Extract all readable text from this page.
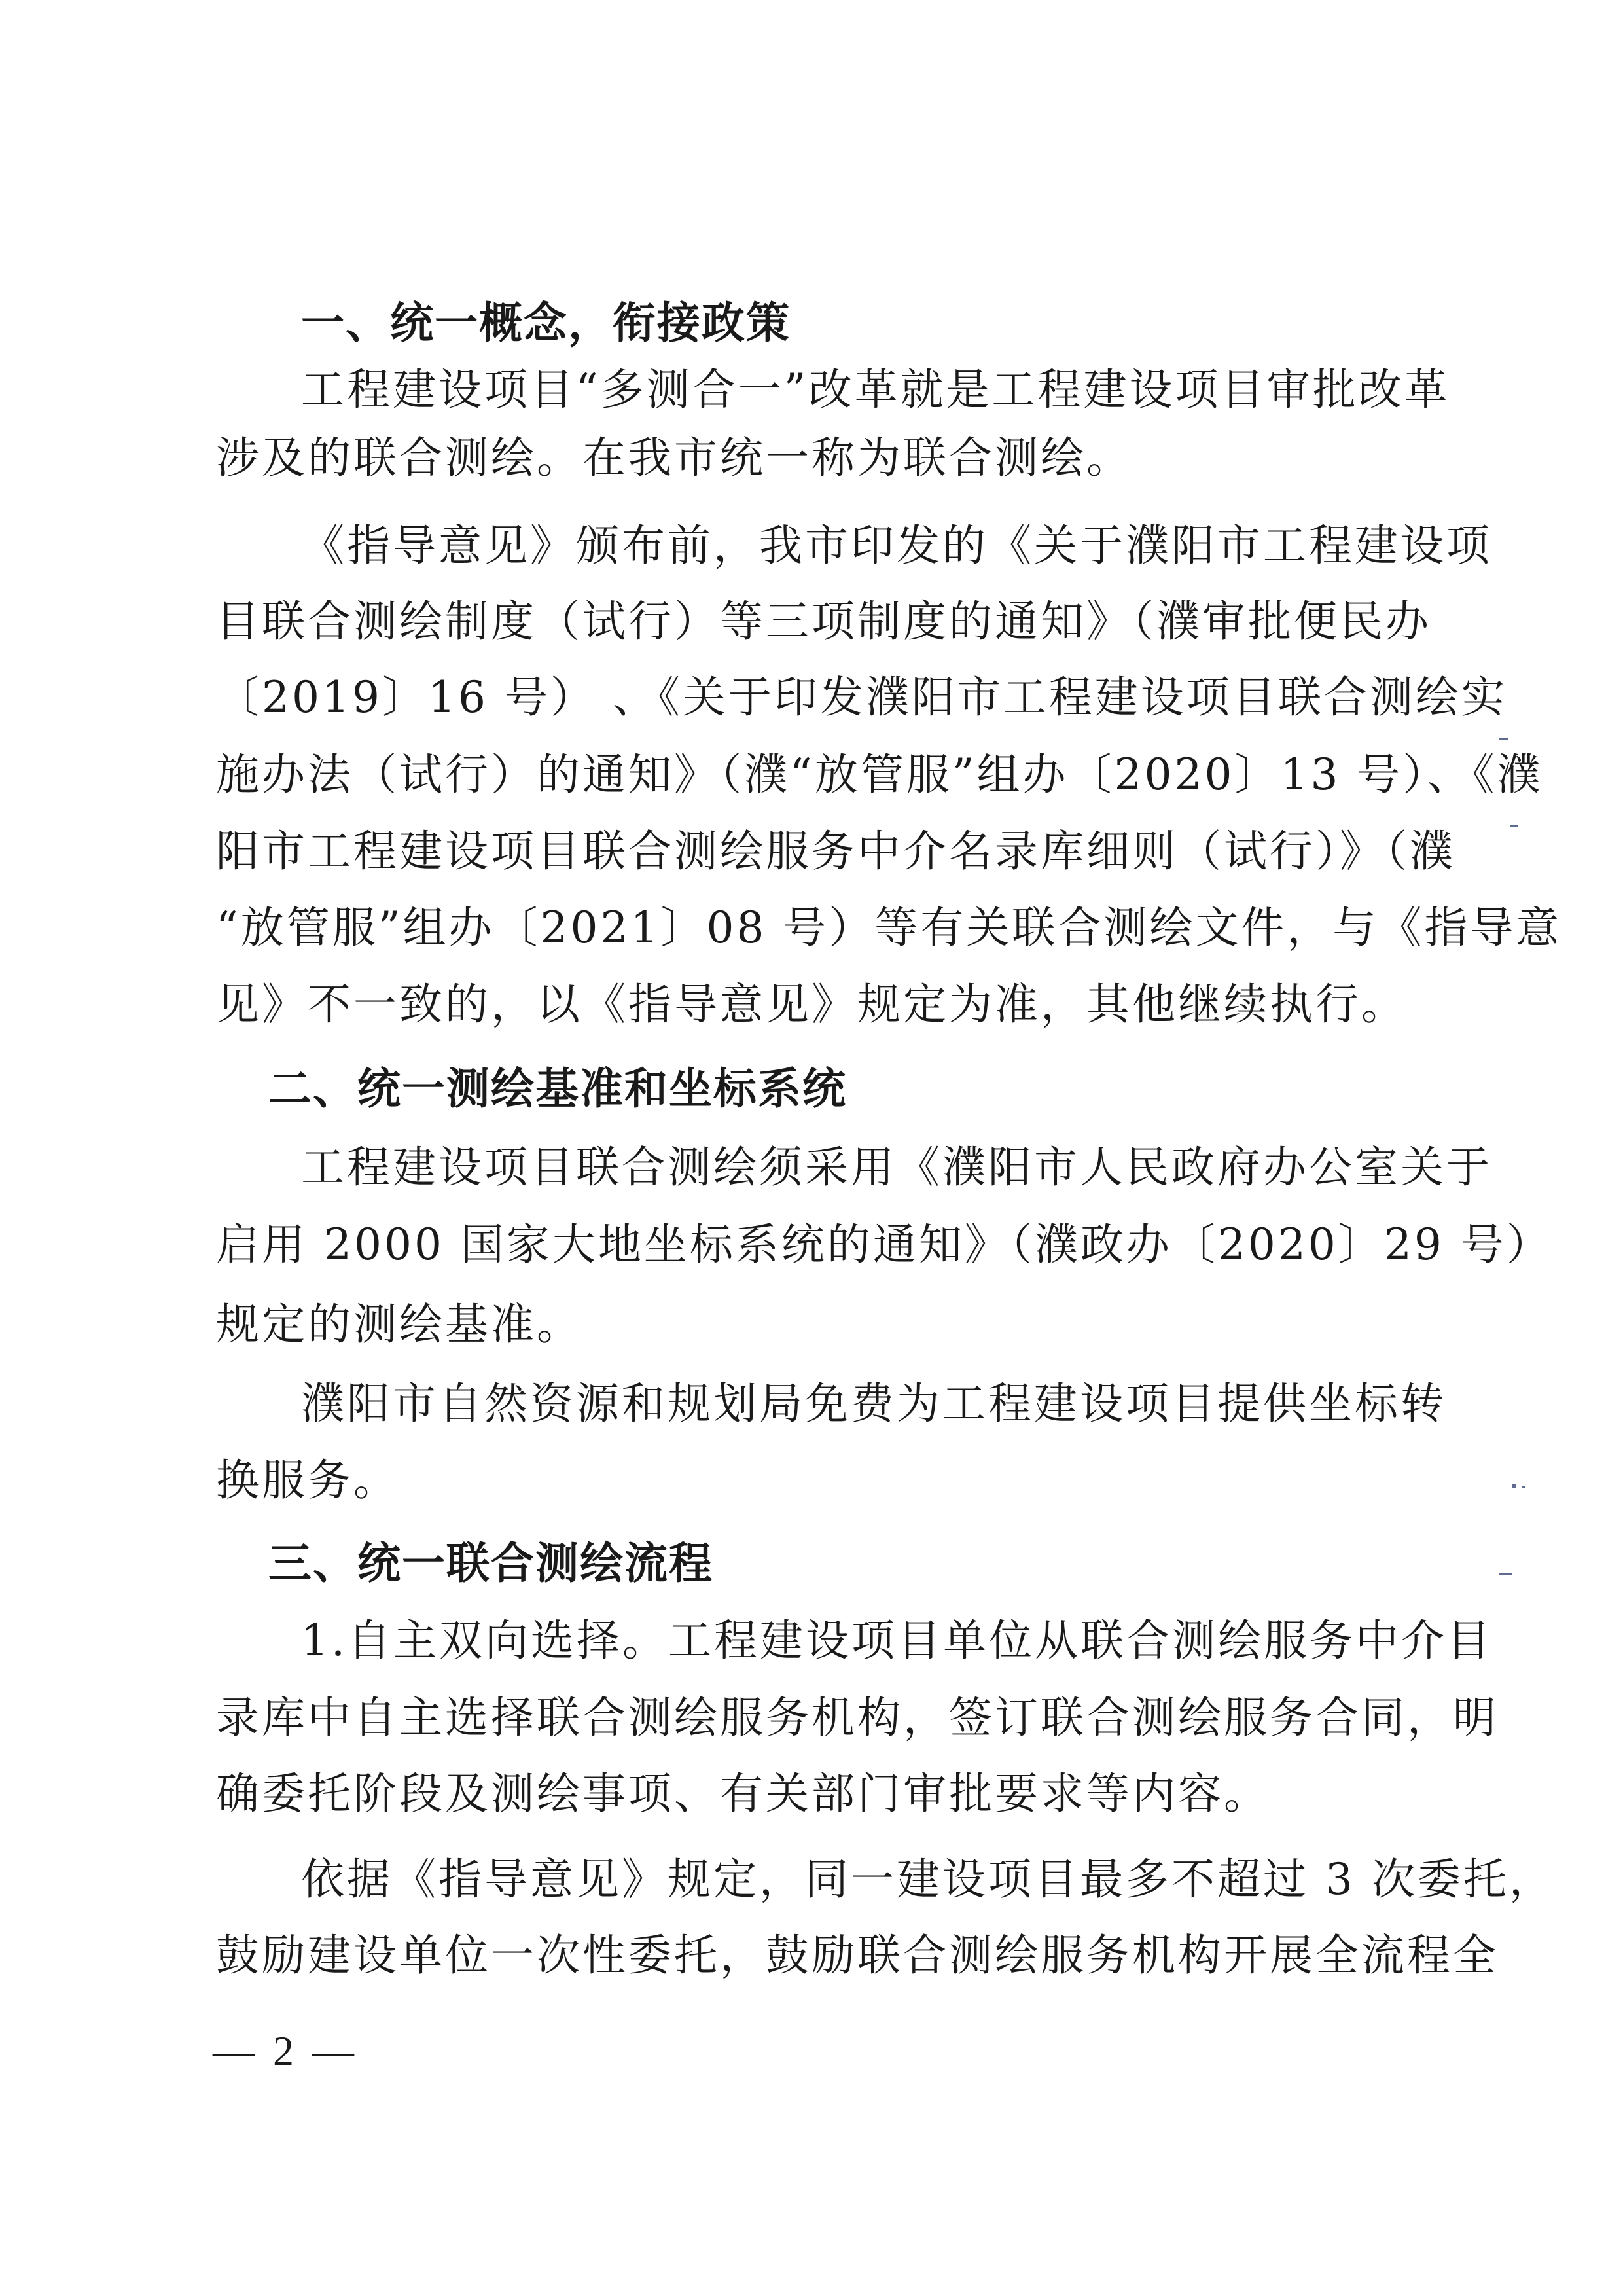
一、统一概念，衔接政策
工程建设项目“多测合一”改革就是工程建设项目审批改革
涉及的联合测绘。在我市统一称为联合测绘。
《指导意见》颁布前，我市印发的《关于濮阳市工程建设项
目联合测绘制度（试行）等三项制度的通知》（濮审批便民办
〔2019〕16 号） 、《关于印发濮阳市工程建设项目联合测绘实
施办法（试行）的通知》（濮“放管服”组办〔2020〕13 号）、《濮
阳市工程建设项目联合测绘服务中介名录库细则（试行）》（濮
“放管服”组办〔2021〕08 号）等有关联合测绘文件，与《指导意
见》不一致的，以《指导意见》规定为准，其他继续执行。
二、统一测绘基准和坐标系统
工程建设项目联合测绘须采用《濮阳市人民政府办公室关于
启用 2000 国家大地坐标系统的通知》（濮政办〔2020〕29 号）
规定的测绘基准。
濮阳市自然资源和规划局免费为工程建设项目提供坐标转
换服务。
三、统一联合测绘流程
1.自主双向选择。工程建设项目单位从联合测绘服务中介目
录库中自主选择联合测绘服务机构，签订联合测绘服务合同，明
确委托阶段及测绘事项、有关部门审批要求等内容。
依据《指导意见》规定，同一建设项目最多不超过 3 次委托，
鼓励建设单位一次性委托，鼓励联合测绘服务机构开展全流程全
— 2 —
